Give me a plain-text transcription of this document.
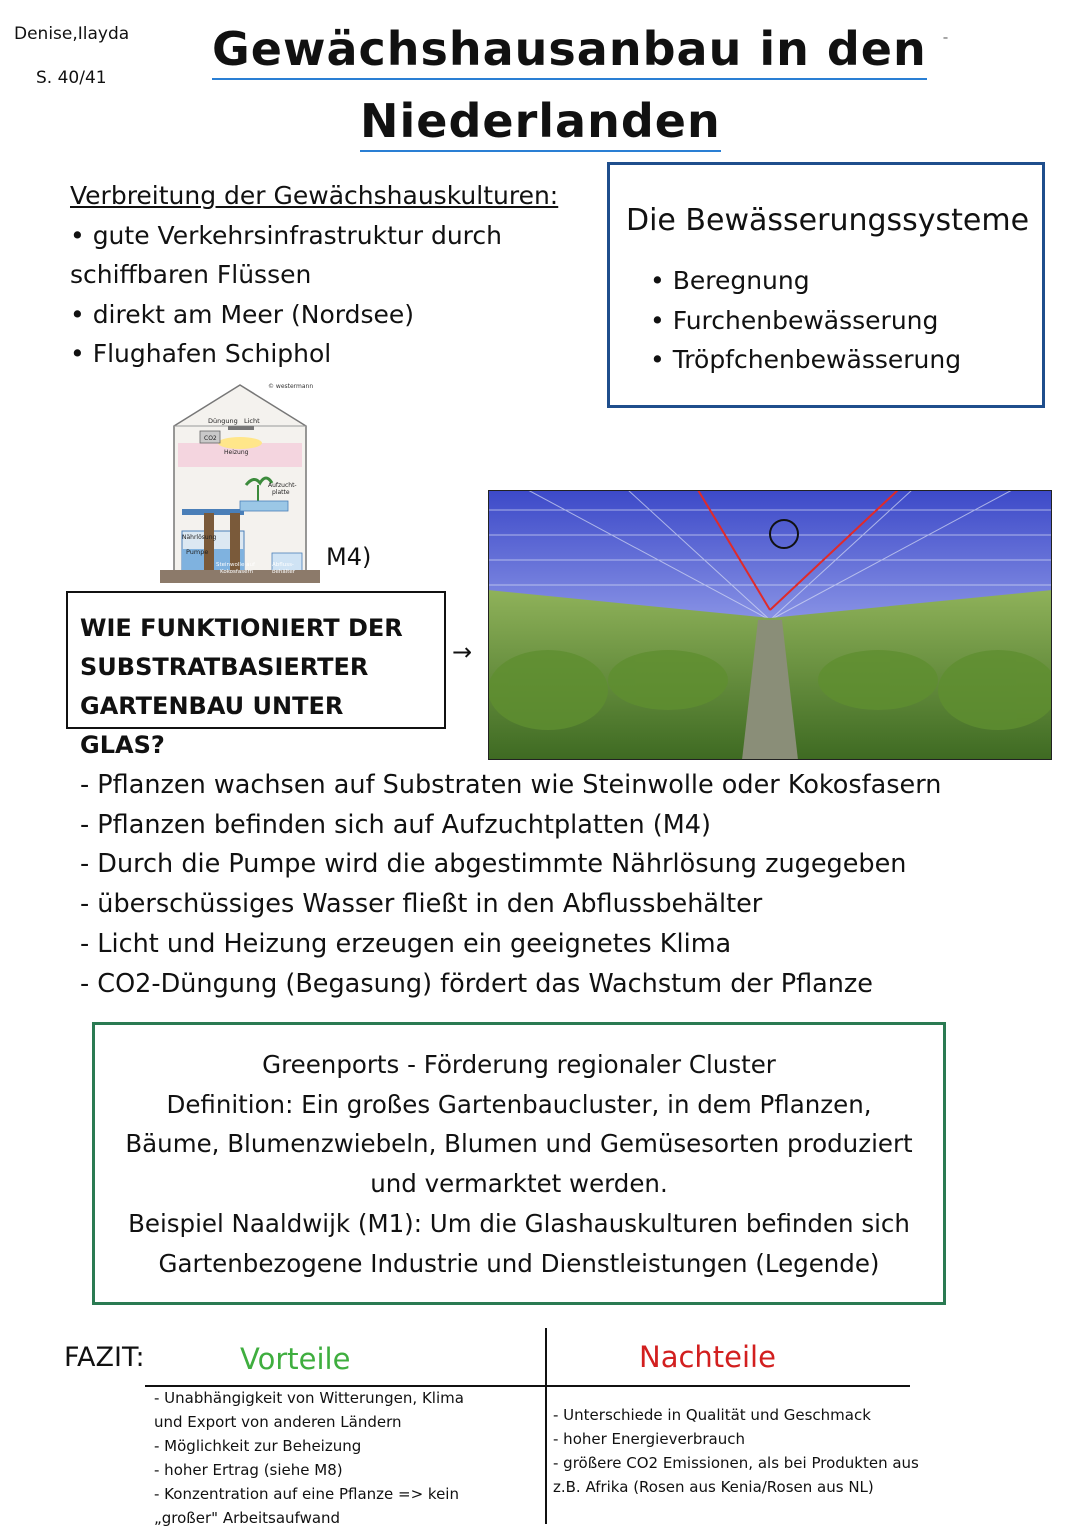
Denise,Ilayda
S. 40/41
Gewächshausanbau in den
Niederlanden
ˉ
Verbreitung der Gewächshauskulturen:
• gute Verkehrsinfrastruktur durch
schiffbaren Flüssen
• direkt am Meer (Nordsee)
• Flughafen Schiphol
Die Bewässerungssysteme
• Beregnung
• Furchenbewässerung
• Tröpfchenbewässerung
© westermann
Düngung Licht
CO2
Heizung
Aufzucht-
platte
Nährlösung
Pumpe
Steinwolle auf
Kokosfasern
Abfluss-
behälter
M4)
WIE FUNKTIONIERT DER
SUBSTRATBASIERTER
GARTENBAU UNTER GLAS?
→
- Pflanzen wachsen auf Substraten wie Steinwolle oder Kokosfasern
- Pflanzen befinden sich auf Aufzuchtplatten (M4)
- Durch die Pumpe wird die abgestimmte Nährlösung zugegeben
- überschüssiges Wasser fließt in den Abflussbehälter
- Licht und Heizung erzeugen ein geeignetes Klima
- CO2-Düngung (Begasung) fördert das Wachstum der Pflanze
Greenports - Förderung regionaler Cluster
Definition: Ein großes Gartenbaucluster, in dem Pflanzen,
Bäume, Blumenzwiebeln, Blumen und Gemüsesorten produziert
und vermarktet werden.
Beispiel Naaldwijk (M1): Um die Glashauskulturen befinden sich
Gartenbezogene Industrie und Dienstleistungen (Legende)
FAZIT:	Vorteile	Nachteile
- Unabhängigkeit von Witterungen, Klima
und Export von anderen Ländern
- Möglichkeit zur Beheizung
- hoher Ertrag (siehe M8)
- Konzentration auf eine Pflanze => kein
„großer" Arbeitsaufwand
- Unterschiede in Qualität und Geschmack
- hoher Energieverbrauch
- größere CO2 Emissionen, als bei Produkten aus
z.B. Afrika (Rosen aus Kenia/Rosen aus NL)
